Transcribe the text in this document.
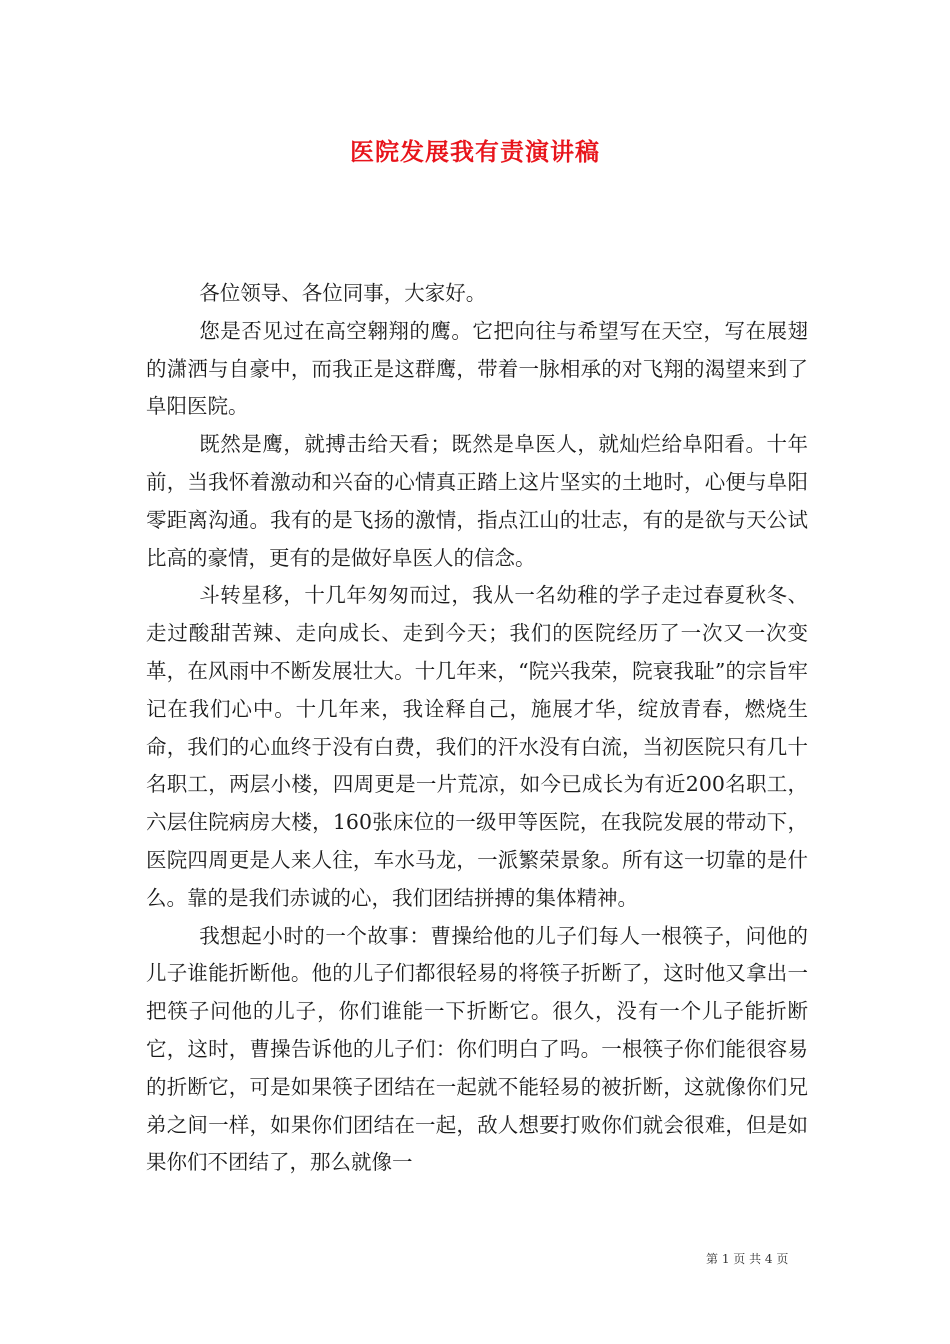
医院发展我有责演讲稿

各位领导、各位同事，大家好。

您是否见过在高空翱翔的鹰。它把向往与希望写在天空，写在展翅的潇洒与自豪中，而我正是这群鹰，带着一脉相承的对飞翔的渴望来到了阜阳医院。

既然是鹰，就搏击给天看；既然是阜医人，就灿烂给阜阳看。十年前，当我怀着激动和兴奋的心情真正踏上这片坚实的土地时，心便与阜阳零距离沟通。我有的是飞扬的激情，指点江山的壮志，有的是欲与天公试比高的豪情，更有的是做好阜医人的信念。

斗转星移，十几年匆匆而过，我从一名幼稚的学子走过春夏秋冬、走过酸甜苦辣、走向成长、走到今天；我们的医院经历了一次又一次变革，在风雨中不断发展壮大。十几年来，“院兴我荣，院衰我耻”的宗旨牢记在我们心中。十几年来，我诠释自己，施展才华，绽放青春，燃烧生命，我们的心血终于没有白费，我们的汗水没有白流，当初医院只有几十名职工，两层小楼，四周更是一片荒凉，如今已成长为有近200名职工，六层住院病房大楼，160张床位的一级甲等医院，在我院发展的带动下，医院四周更是人来人往，车水马龙，一派繁荣景象。所有这一切靠的是什么。靠的是我们赤诚的心，我们团结拼搏的集体精神。

我想起小时的一个故事：曹操给他的儿子们每人一根筷子，问他的儿子谁能折断他。他的儿子们都很轻易的将筷子折断了，这时他又拿出一把筷子问他的儿子，你们谁能一下折断它。很久，没有一个儿子能折断它，这时，曹操告诉他的儿子们：你们明白了吗。一根筷子你们能很容易的折断它，可是如果筷子团结在一起就不能轻易的被折断，这就像你们兄弟之间一样，如果你们团结在一起，敌人想要打败你们就会很难，但是如果你们不团结了，那么就像一

第 1 页 共 4 页
